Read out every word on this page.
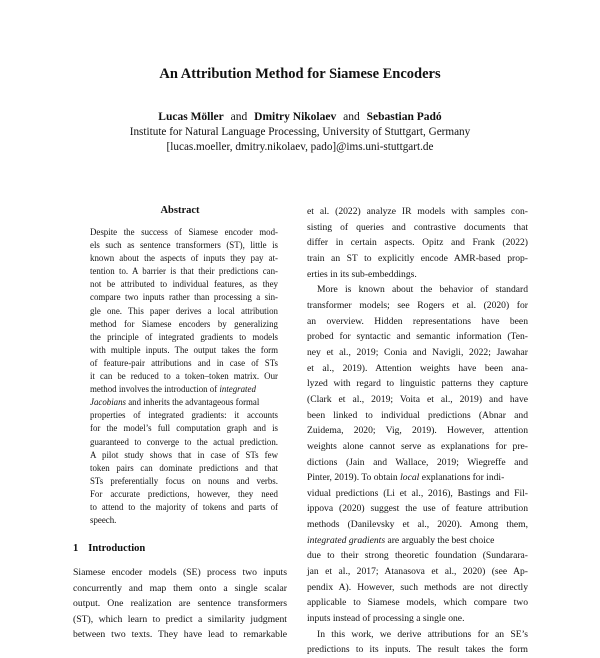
An Attribution Method for Siamese Encoders
Lucas Möller and Dmitry Nikolaev and Sebastian Padó
Institute for Natural Language Processing, University of Stuttgart, Germany
[lucas.moeller, dmitry.nikolaev, pado]@ims.uni-stuttgart.de
Abstract
Despite the success of Siamese encoder mod-
els such as sentence transformers (ST), little is
known about the aspects of inputs they pay at-
tention to. A barrier is that their predictions can-
not be attributed to individual features, as they
compare two inputs rather than processing a sin-
gle one. This paper derives a local attribution
method for Siamese encoders by generalizing
the principle of integrated gradients to models
with multiple inputs. The output takes the form
of feature-pair attributions and in case of STs
it can be reduced to a token–token matrix. Our
method involves the introduction of integrated
Jacobians and inherits the advantageous formal
properties of integrated gradients: it accounts
for the model’s full computation graph and is
guaranteed to converge to the actual prediction.
A pilot study shows that in case of STs few
token pairs can dominate predictions and that
STs preferentially focus on nouns and verbs.
For accurate predictions, however, they need
to attend to the majority of tokens and parts of
speech.
1 Introduction
Siamese encoder models (SE) process two inputs
concurrently and map them onto a single scalar
output. One realization are sentence transformers
(ST), which learn to predict a similarity judgment
between two texts. They have lead to remarkable
et al. (2022) analyze IR models with samples con-
sisting of queries and contrastive documents that
differ in certain aspects. Opitz and Frank (2022)
train an ST to explicitly encode AMR-based prop-
erties in its sub-embeddings.
More is known about the behavior of standard
transformer models; see Rogers et al. (2020) for
an overview. Hidden representations have been
probed for syntactic and semantic information (Ten-
ney et al., 2019; Conia and Navigli, 2022; Jawahar
et al., 2019). Attention weights have been ana-
lyzed with regard to linguistic patterns they capture
(Clark et al., 2019; Voita et al., 2019) and have
been linked to individual predictions (Abnar and
Zuidema, 2020; Vig, 2019). However, attention
weights alone cannot serve as explanations for pre-
dictions (Jain and Wallace, 2019; Wiegreffe and
Pinter, 2019). To obtain local explanations for indi-
vidual predictions (Li et al., 2016), Bastings and Fil-
ippova (2020) suggest the use of feature attribution
methods (Danilevsky et al., 2020). Among them,
integrated gradients are arguably the best choice
due to their strong theoretic foundation (Sundarara-
jan et al., 2017; Atanasova et al., 2020) (see Ap-
pendix A). However, such methods are not directly
applicable to Siamese models, which compare two
inputs instead of processing a single one.
In this work, we derive attributions for an SE’s
predictions to its inputs. The result takes the form
